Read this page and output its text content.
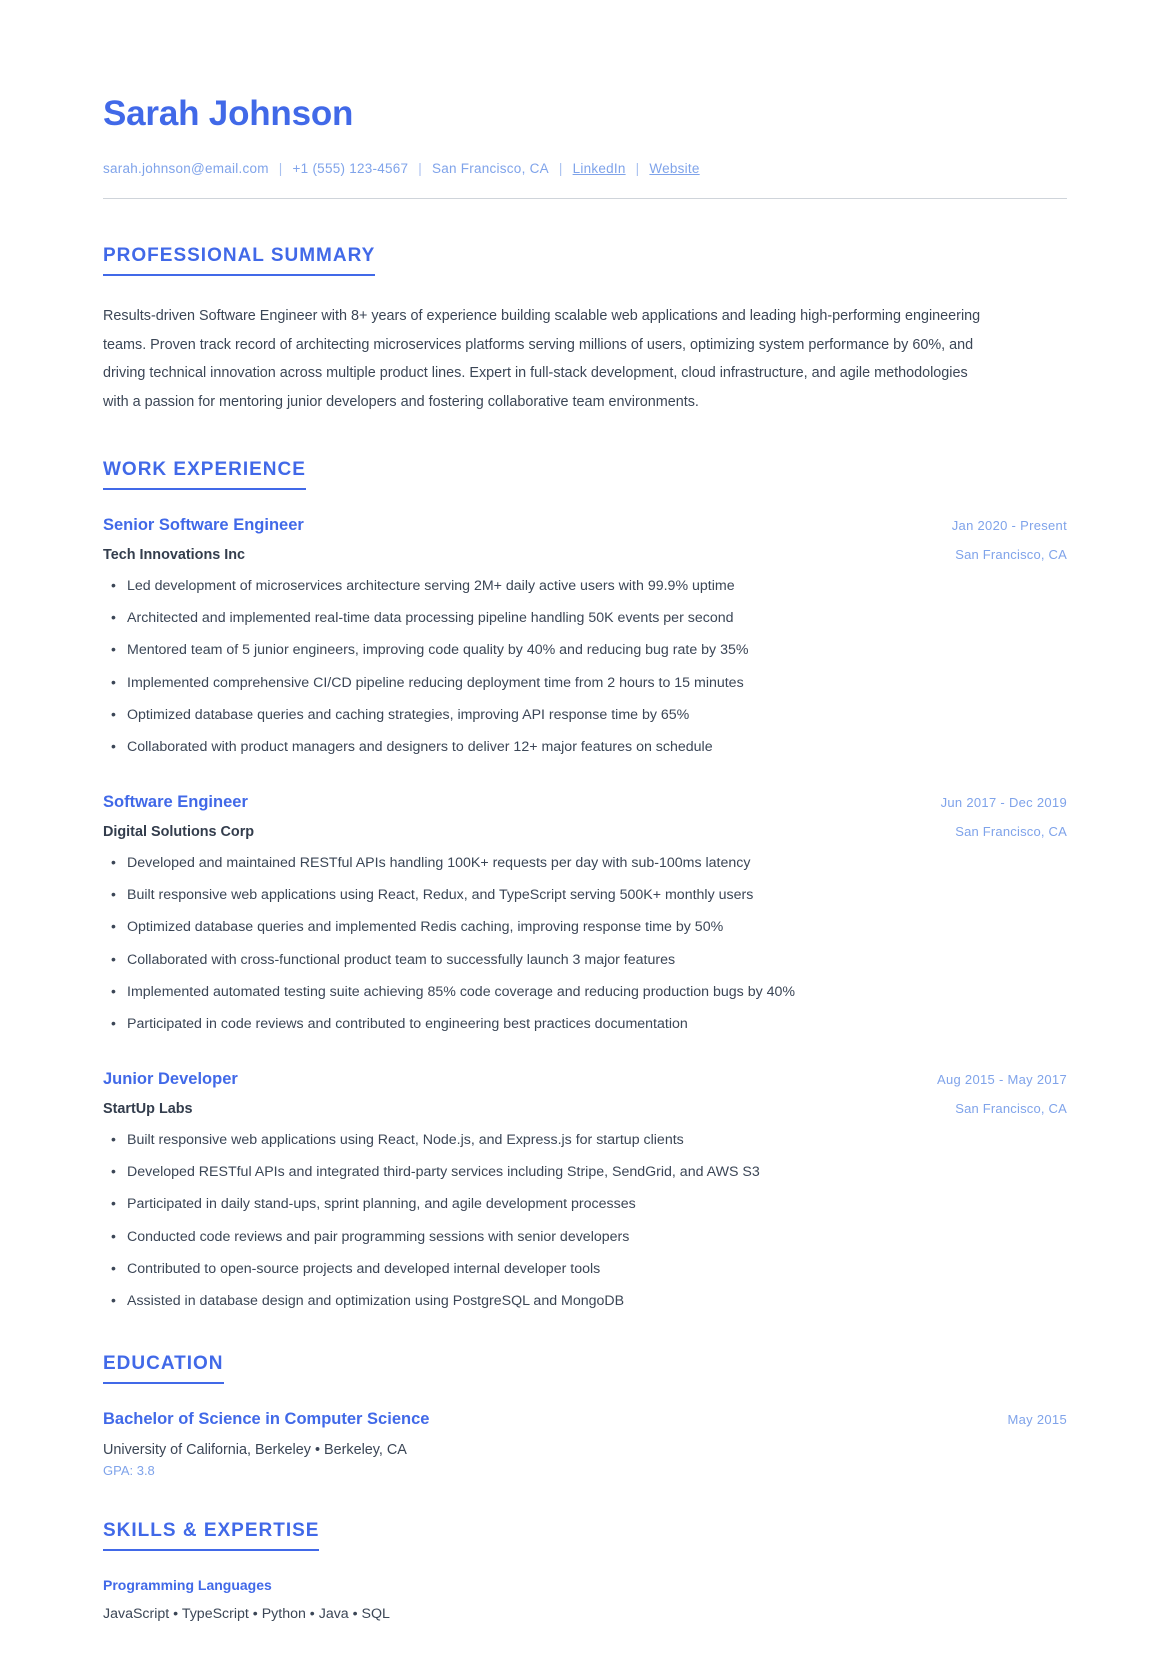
Sarah Johnson
sarah.johnson@email.com | +1 (555) 123-4567 | San Francisco, CA | LinkedIn | Website
PROFESSIONAL SUMMARY

Results-driven Software Engineer with 8+ years of experience building scalable web applications and leading high-performing engineering teams. Proven track record of architecting microservices platforms serving millions of users, optimizing system performance by 60%, and driving technical innovation across multiple product lines. Expert in full-stack development, cloud infrastructure, and agile methodologies with a passion for mentoring junior developers and fostering collaborative team environments.

WORK EXPERIENCE
Senior Software Engineer	Jan 2020 - Present
Tech Innovations Inc	San Francisco, CA
• Led development of microservices architecture serving 2M+ daily active users with 99.9% uptime
• Architected and implemented real-time data processing pipeline handling 50K events per second
• Mentored team of 5 junior engineers, improving code quality by 40% and reducing bug rate by 35%
• Implemented comprehensive CI/CD pipeline reducing deployment time from 2 hours to 15 minutes
• Optimized database queries and caching strategies, improving API response time by 65%
• Collaborated with product managers and designers to deliver 12+ major features on schedule
Software Engineer	Jun 2017 - Dec 2019
Digital Solutions Corp	San Francisco, CA
• Developed and maintained RESTful APIs handling 100K+ requests per day with sub-100ms latency
• Built responsive web applications using React, Redux, and TypeScript serving 500K+ monthly users
• Optimized database queries and implemented Redis caching, improving response time by 50%
• Collaborated with cross-functional product team to successfully launch 3 major features
• Implemented automated testing suite achieving 85% code coverage and reducing production bugs by 40%
• Participated in code reviews and contributed to engineering best practices documentation
Junior Developer	Aug 2015 - May 2017
StartUp Labs	San Francisco, CA
• Built responsive web applications using React, Node.js, and Express.js for startup clients
• Developed RESTful APIs and integrated third-party services including Stripe, SendGrid, and AWS S3
• Participated in daily stand-ups, sprint planning, and agile development processes
• Conducted code reviews and pair programming sessions with senior developers
• Contributed to open-source projects and developed internal developer tools
• Assisted in database design and optimization using PostgreSQL and MongoDB
EDUCATION
Bachelor of Science in Computer Science	May 2015

University of California, Berkeley • Berkeley, CA

GPA: 3.8

SKILLS & EXPERTISE
Programming Languages
JavaScript • TypeScript • Python • Java • SQL
